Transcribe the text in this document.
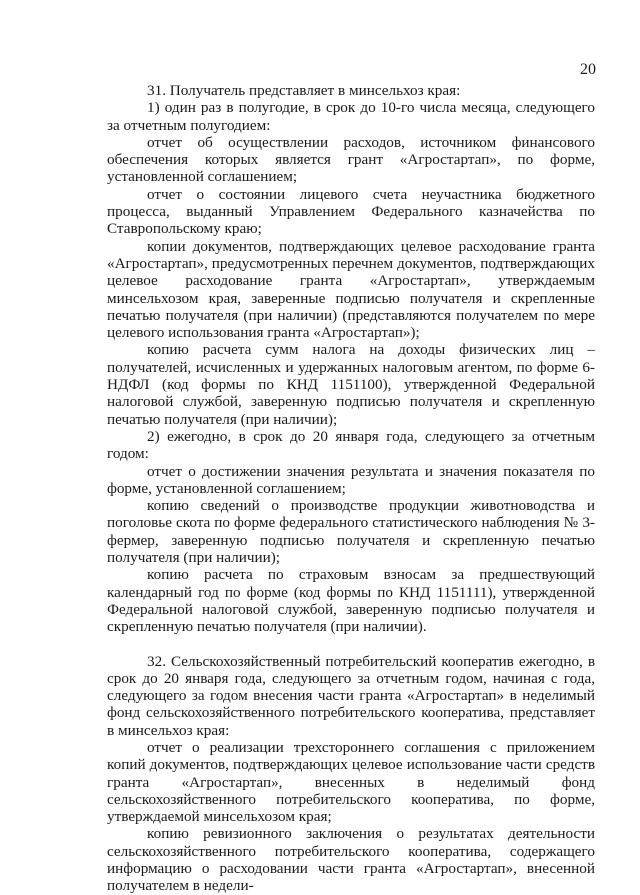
20

31. Получатель представляет в минсельхоз края:

1) один раз в полугодие, в срок до 10-го числа месяца, следующего за отчетным полугодием:

отчет об осуществлении расходов, источником финансового обеспечения которых является грант «Агростартап», по форме, установленной соглашением;

отчет о состоянии лицевого счета неучастника бюджетного процесса, выданный Управлением Федерального казначейства по Ставропольскому краю;

копии документов, подтверждающих целевое расходование гранта «Агростартап», предусмотренных перечнем документов, подтверждающих целевое расходование гранта «Агростартап», утверждаемым минсельхозом края, заверенные подписью получателя и скрепленные печатью получателя (при наличии) (представляются получателем по мере целевого использования гранта «Агростартап»);

копию расчета сумм налога на доходы физических лиц – получателей, исчисленных и удержанных налоговым агентом, по форме 6-НДФЛ (код формы по КНД 1151100), утвержденной Федеральной налоговой службой, заверенную подписью получателя и скрепленную печатью получателя (при наличии);

2) ежегодно, в срок до 20 января года, следующего за отчетным годом:

отчет о достижении значения результата и значения показателя по форме, установленной соглашением;

копию сведений о производстве продукции животноводства и поголовье скота по форме федерального статистического наблюдения № 3-фермер, заверенную подписью получателя и скрепленную печатью получателя (при наличии);

копию расчета по страховым взносам за предшествующий календарный год по форме (код формы по КНД 1151111), утвержденной Федеральной налоговой службой, заверенную подписью получателя и скрепленную печатью получателя (при наличии).

32. Сельскохозяйственный потребительский кооператив ежегодно, в срок до 20 января года, следующего за отчетным годом, начиная с года, следующего за годом внесения части гранта «Агростартап» в неделимый фонд сельскохозяйственного потребительского кооператива, представляет в минсельхоз края:

отчет о реализации трехстороннего соглашения с приложением копий документов, подтверждающих целевое использование части средств гранта «Агростартап», внесенных в неделимый фонд сельскохозяйственного потребительского кооператива, по форме, утверждаемой минсельхозом края;

копию ревизионного заключения о результатах деятельности сельскохозяйственного потребительского кооператива, содержащего информацию о расходовании части гранта «Агростартап», внесенной получателем в недели-
